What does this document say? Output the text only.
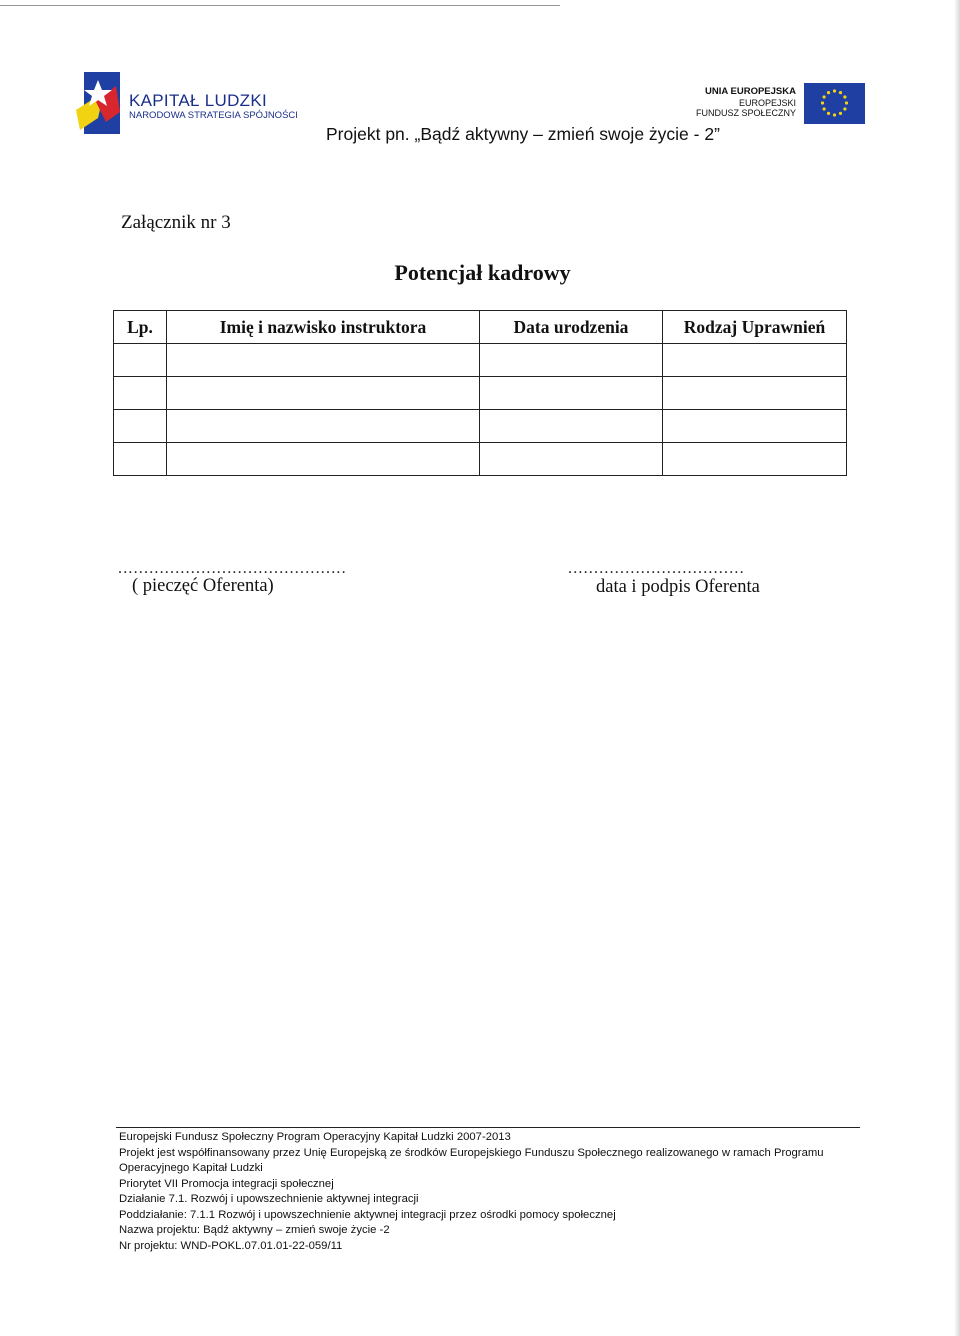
KAPITAŁ LUDZKI
NARODOWA STRATEGIA SPÓJNOŚCI
UNIA EUROPEJSKA
EUROPEJSKI
FUNDUSZ SPOŁECZNY
Projekt pn. „Bądź aktywny – zmień swoje życie - 2”
Załącznik nr 3
Potencjał kadrowy
Lp.	Imię i nazwisko instruktora	Data urodzenia	Rodzaj Uprawnień

............................................
( pieczęć Oferenta)
..................................
data i podpis Oferenta
Europejski Fundusz Społeczny Program Operacyjny Kapitał Ludzki 2007-2013
Projekt jest współfinansowany przez Unię Europejską ze środków Europejskiego Funduszu Społecznego realizowanego w ramach Programu
Operacyjnego Kapitał Ludzki
Priorytet VII Promocja integracji społecznej
Działanie 7.1. Rozwój i upowszechnienie aktywnej integracji
Poddziałanie: 7.1.1 Rozwój i upowszechnienie aktywnej integracji przez ośrodki pomocy społecznej
Nazwa projektu: Bądź aktywny – zmień swoje życie -2
Nr projektu: WND-POKL.07.01.01-22-059/11
